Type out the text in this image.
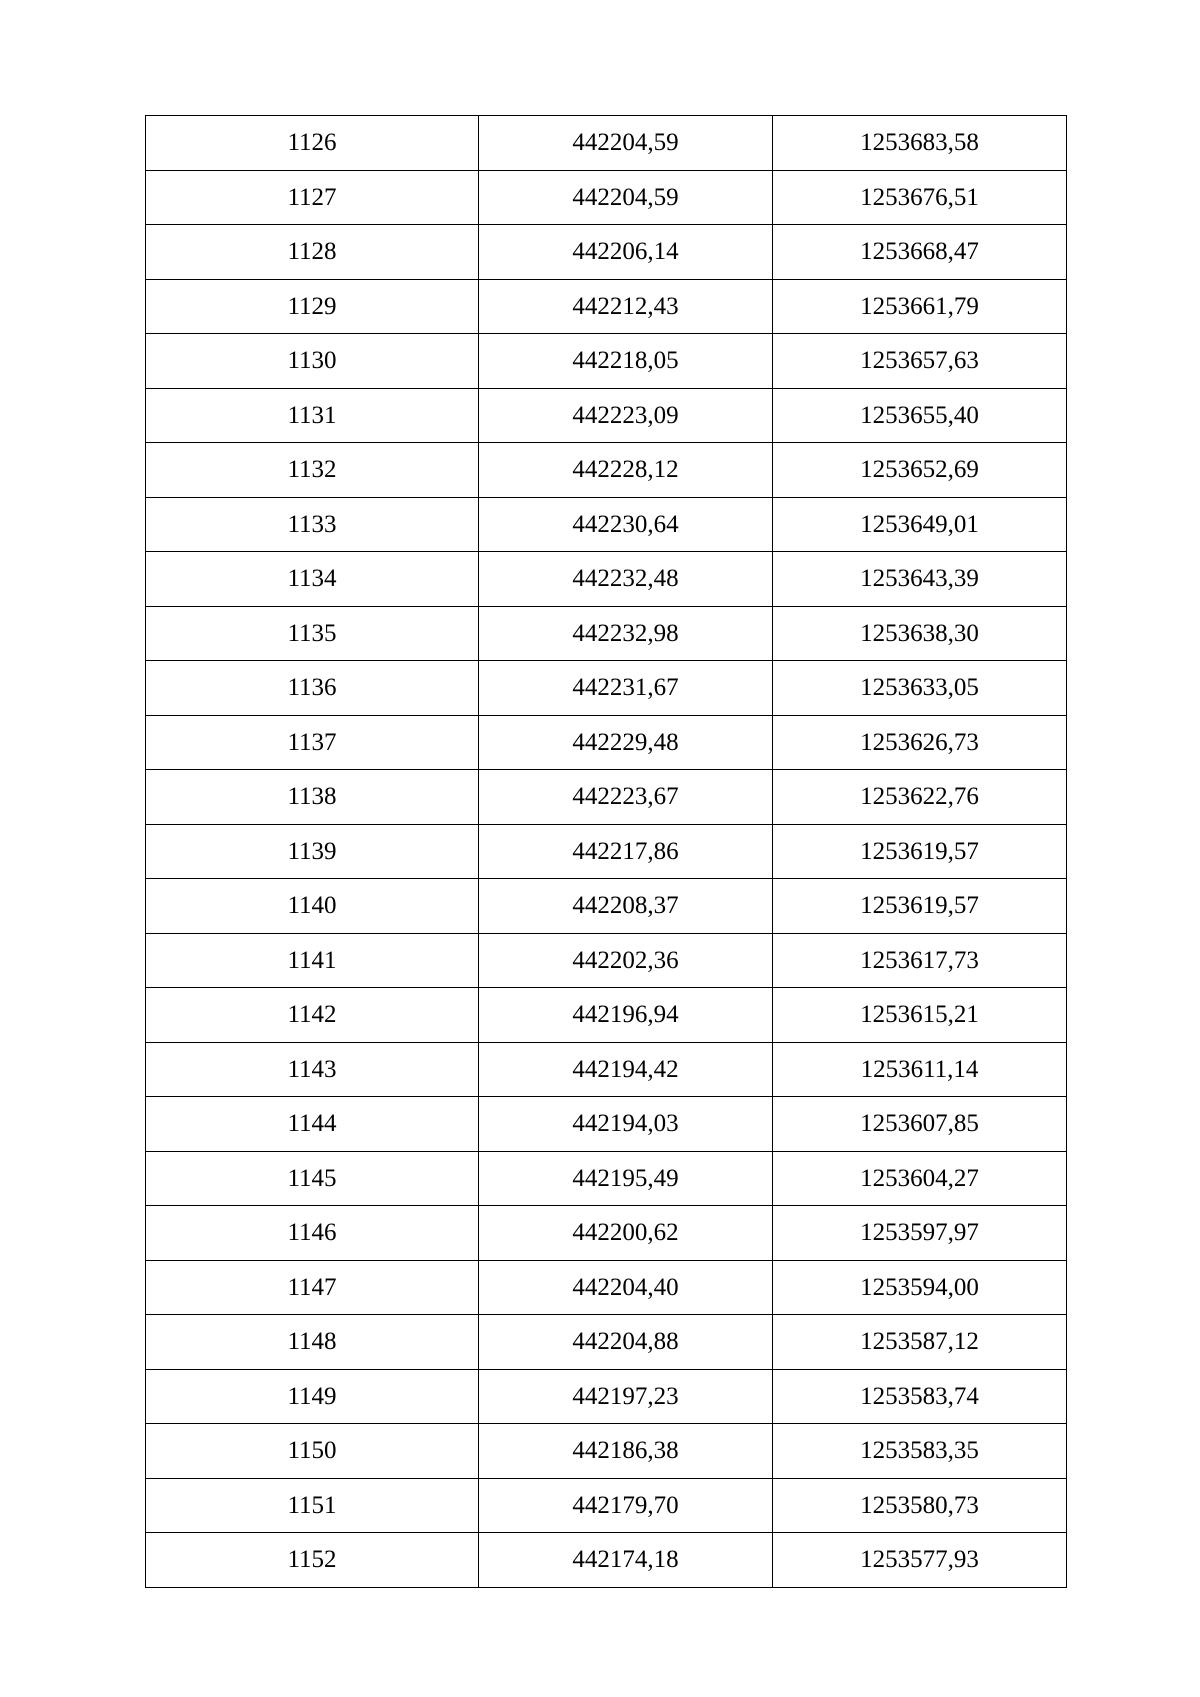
1126	442204,59	1253683,58
1127	442204,59	1253676,51
1128	442206,14	1253668,47
1129	442212,43	1253661,79
1130	442218,05	1253657,63
1131	442223,09	1253655,40
1132	442228,12	1253652,69
1133	442230,64	1253649,01
1134	442232,48	1253643,39
1135	442232,98	1253638,30
1136	442231,67	1253633,05
1137	442229,48	1253626,73
1138	442223,67	1253622,76
1139	442217,86	1253619,57
1140	442208,37	1253619,57
1141	442202,36	1253617,73
1142	442196,94	1253615,21
1143	442194,42	1253611,14
1144	442194,03	1253607,85
1145	442195,49	1253604,27
1146	442200,62	1253597,97
1147	442204,40	1253594,00
1148	442204,88	1253587,12
1149	442197,23	1253583,74
1150	442186,38	1253583,35
1151	442179,70	1253580,73
1152	442174,18	1253577,93
